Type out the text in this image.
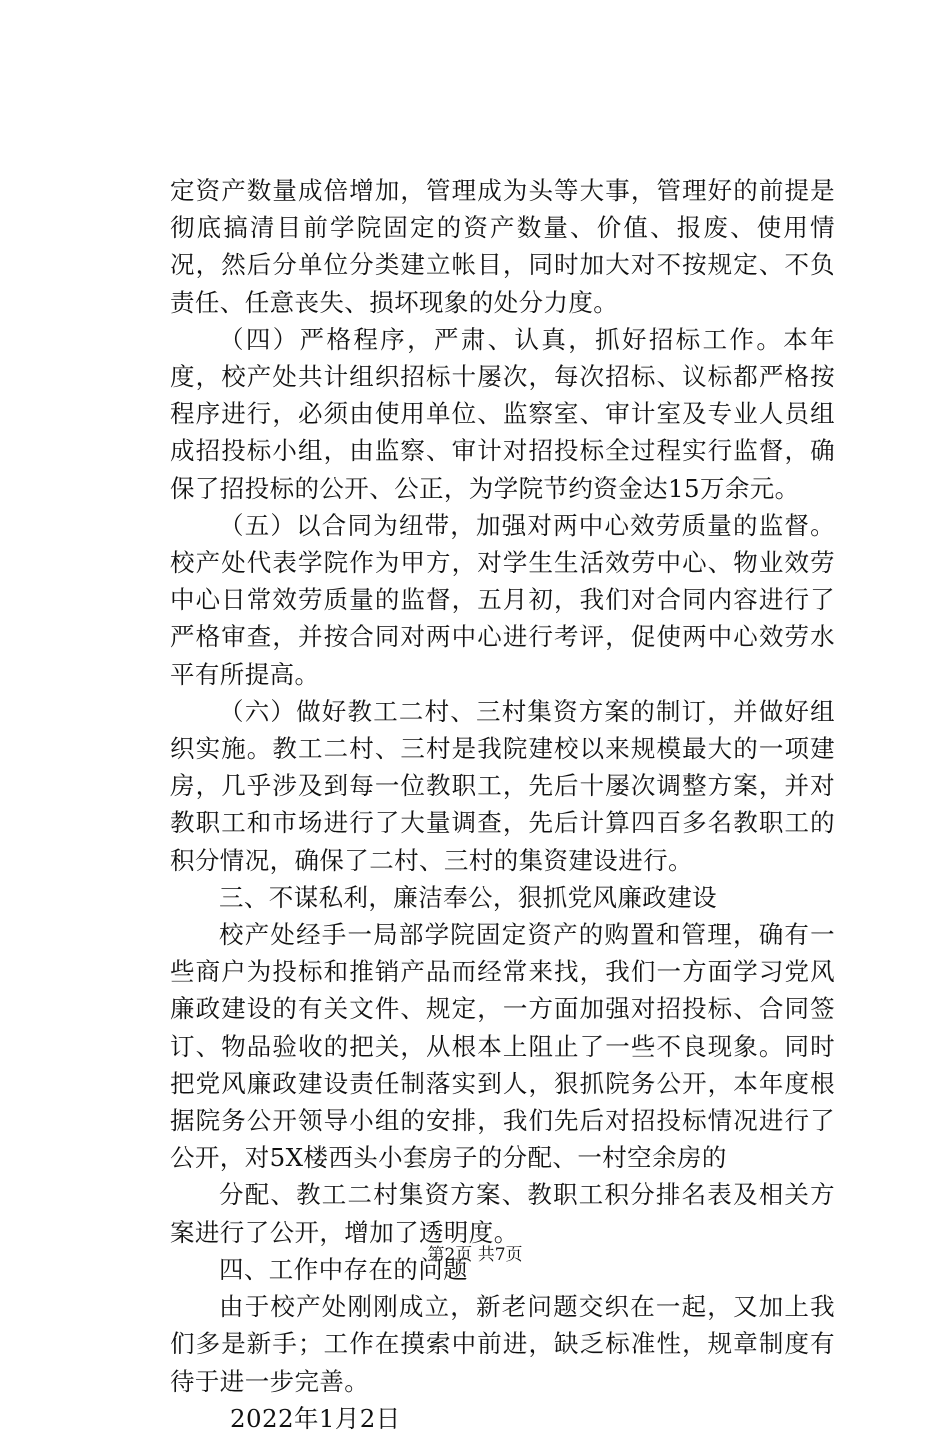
定资产数量成倍增加，管理成为头等大事，管理好的前提是彻底搞清目前学院固定的资产数量、价值、报废、使用情况，然后分单位分类建立帐目，同时加大对不按规定、不负责任、任意丧失、损坏现象的处分力度。

（四）严格程序，严肃、认真，抓好招标工作。本年度，校产处共计组织招标十屡次，每次招标、议标都严格按程序进行，必须由使用单位、监察室、审计室及专业人员组成招投标小组，由监察、审计对招投标全过程实行监督，确保了招投标的公开、公正，为学院节约资金达15万余元。

（五）以合同为纽带，加强对两中心效劳质量的监督。校产处代表学院作为甲方，对学生生活效劳中心、物业效劳中心日常效劳质量的监督，五月初，我们对合同内容进行了严格审查，并按合同对两中心进行考评，促使两中心效劳水平有所提高。

（六）做好教工二村、三村集资方案的制订，并做好组织实施。教工二村、三村是我院建校以来规模最大的一项建房，几乎涉及到每一位教职工，先后十屡次调整方案，并对教职工和市场进行了大量调查，先后计算四百多名教职工的积分情况，确保了二村、三村的集资建设进行。

三、不谋私利，廉洁奉公，狠抓党风廉政建设

校产处经手一局部学院固定资产的购置和管理，确有一些商户为投标和推销产品而经常来找，我们一方面学习党风廉政建设的有关文件、规定，一方面加强对招投标、合同签订、物品验收的把关，从根本上阻止了一些不良现象。同时把党风廉政建设责任制落实到人，狠抓院务公开，本年度根据院务公开领导小组的安排，我们先后对招投标情况进行了公开，对5X楼西头小套房子的分配、一村空余房的

分配、教工二村集资方案、教职工积分排名表及相关方案进行了公开，增加了透明度。

四、工作中存在的问题

由于校产处刚刚成立，新老问题交织在一起，又加上我们多是新手；工作在摸索中前进，缺乏标准性，规章制度有待于进一步完善。

2022年1月2日

第2页 共7页
